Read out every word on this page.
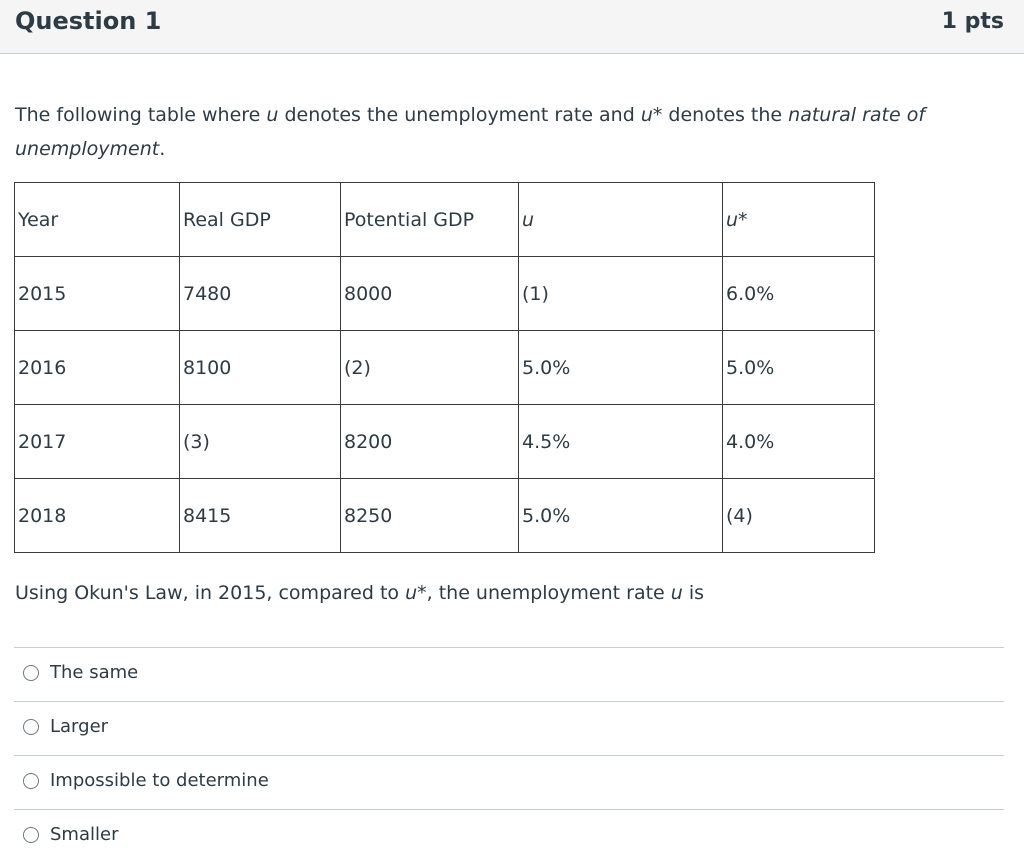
Question 1	1 pts
The following table where u denotes the unemployment rate and u* denotes the natural rate of unemployment.
Year	Real GDP	Potential GDP	u	u*
2015	7480	8000	(1)	6.0%
2016	8100	(2)	5.0%	5.0%
2017	(3)	8200	4.5%	4.0%
2018	8415	8250	5.0%	(4)
Using Okun's Law, in 2015, compared to u*, the unemployment rate u is
The same
Larger
Impossible to determine
Smaller
